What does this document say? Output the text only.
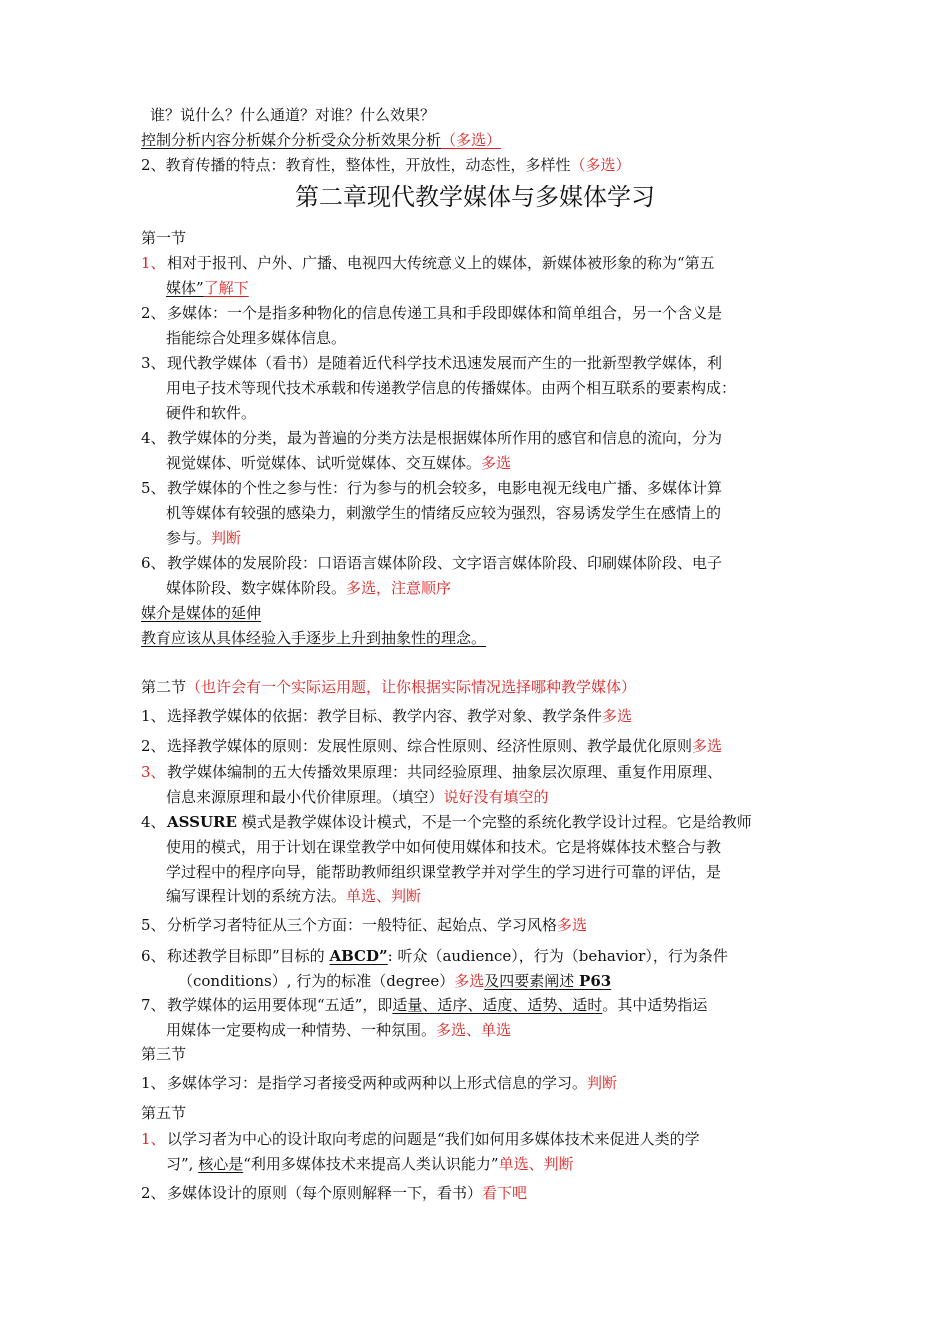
谁？说什么？什么通道？对谁？什么效果？
控制分析内容分析媒介分析受众分析效果分析（多选）
2、教育传播的特点：教育性，整体性，开放性，动态性，多样性（多选）
第二章现代教学媒体与多媒体学习
第一节
1、相对于报刊、户外、广播、电视四大传统意义上的媒体，新媒体被形象的称为“第五
媒体”了解下
2、多媒体：一个是指多种物化的信息传递工具和手段即媒体和简单组合，另一个含义是
指能综合处理多媒体信息。
3、现代教学媒体（看书）是随着近代科学技术迅速发展而产生的一批新型教学媒体，利
用电子技术等现代技术承载和传递教学信息的传播媒体。由两个相互联系的要素构成：
硬件和软件。
4、教学媒体的分类，最为普遍的分类方法是根据媒体所作用的感官和信息的流向，分为
视觉媒体、听觉媒体、试听觉媒体、交互媒体。多选
5、教学媒体的个性之参与性：行为参与的机会较多，电影电视无线电广播、多媒体计算
机等媒体有较强的感染力，刺激学生的情绪反应较为强烈，容易诱发学生在感情上的
参与。判断
6、教学媒体的发展阶段：口语语言媒体阶段、文字语言媒体阶段、印刷媒体阶段、电子
媒体阶段、数字媒体阶段。多选，注意顺序
媒介是媒体的延伸
教育应该从具体经验入手逐步上升到抽象性的理念。
第二节（也许会有一个实际运用题，让你根据实际情况选择哪种教学媒体）
1、选择教学媒体的依据：教学目标、教学内容、教学对象、教学条件多选
2、选择教学媒体的原则：发展性原则、综合性原则、经济性原则、教学最优化原则多选
3、教学媒体编制的五大传播效果原理：共同经验原理、抽象层次原理、重复作用原理、
信息来源原理和最小代价律原理。（填空）说好没有填空的
4、ASSURE 模式是教学媒体设计模式，不是一个完整的系统化教学设计过程。它是给教师
使用的模式，用于计划在课堂教学中如何使用媒体和技术。它是将媒体技术整合与教
学过程中的程序向导，能帮助教师组织课堂教学并对学生的学习进行可靠的评估，是
编写课程计划的系统方法。单选、判断
5、分析学习者特征从三个方面：一般特征、起始点、学习风格多选
6、称述教学目标即”目标的 ABCD”: 听众（audience），行为（behavior），行为条件
（conditions）, 行为的标准（degree）多选及四要素阐述 P63
7、教学媒体的运用要体现“五适”，即适量、适序、适度、适势、适时。其中适势指运
用媒体一定要构成一种情势、一种氛围。多选、单选
第三节
1、多媒体学习：是指学习者接受两种或两种以上形式信息的学习。判断
第五节
1、以学习者为中心的设计取向考虑的问题是“我们如何用多媒体技术来促进人类的学
习”, 核心是“利用多媒体技术来提高人类认识能力”单选、判断
2、多媒体设计的原则（每个原则解释一下，看书）看下吧
